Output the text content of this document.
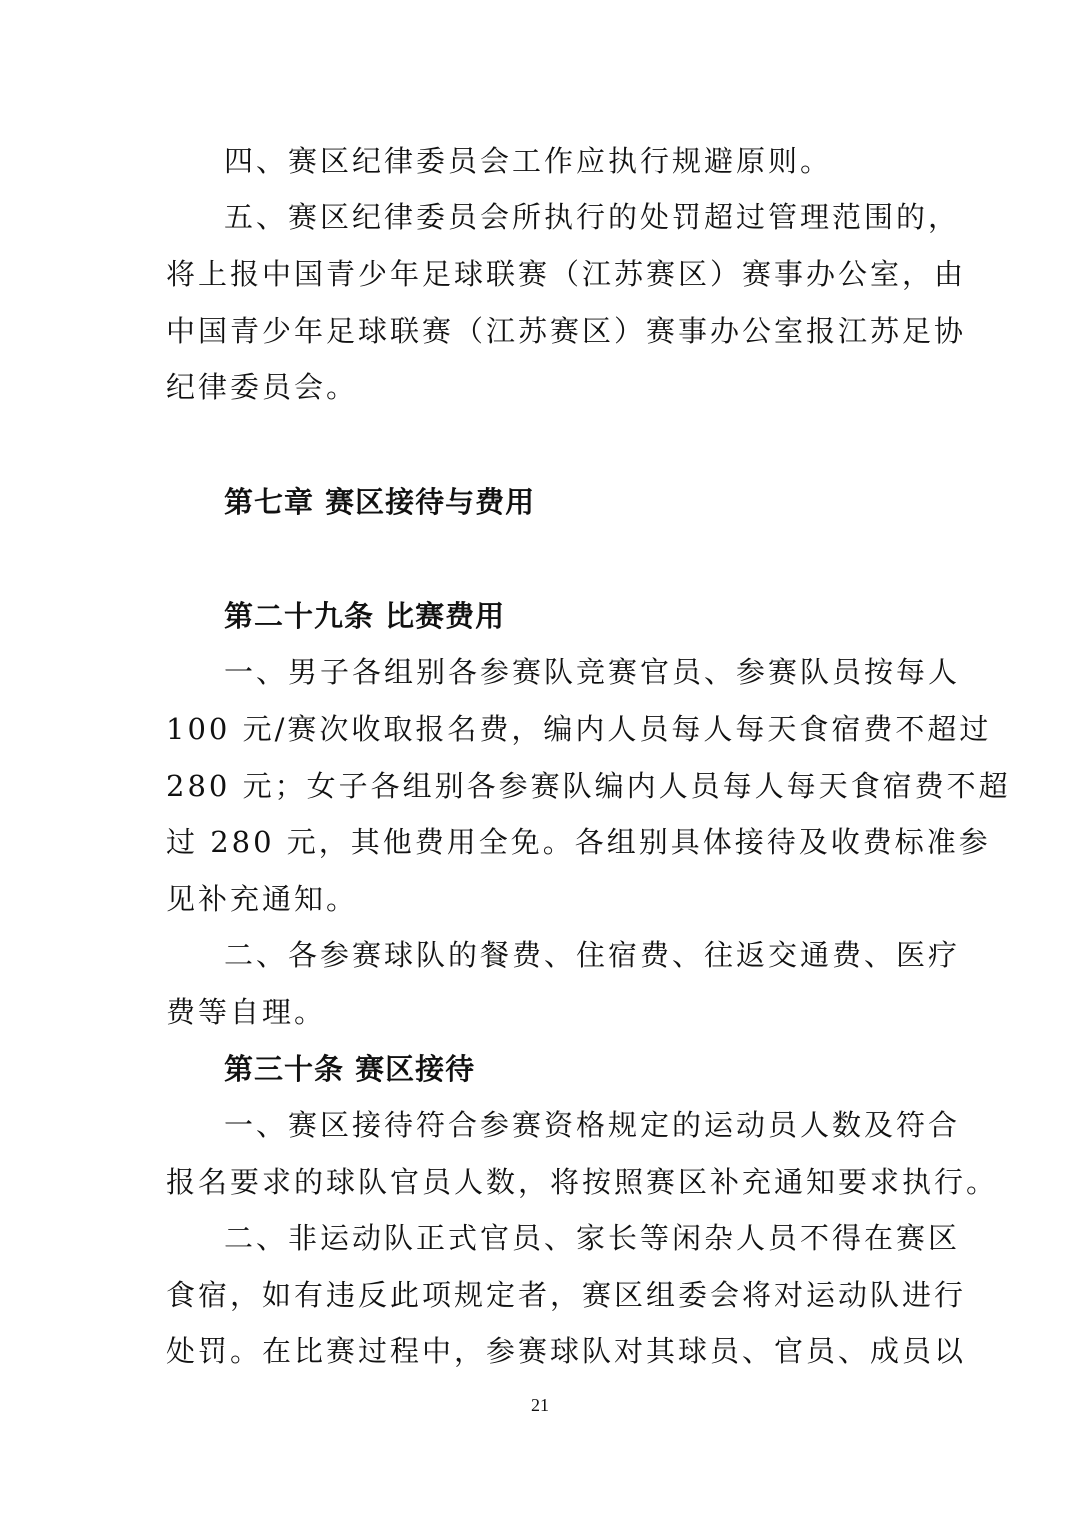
四、赛区纪律委员会工作应执行规避原则。
五、赛区纪律委员会所执行的处罚超过管理范围的，
将上报中国青少年足球联赛（江苏赛区）赛事办公室，由
中国青少年足球联赛（江苏赛区）赛事办公室报江苏足协
纪律委员会。
第七章 赛区接待与费用
第二十九条 比赛费用
一、男子各组别各参赛队竞赛官员、参赛队员按每人
100 元/赛次收取报名费，编内人员每人每天食宿费不超过
280 元；女子各组别各参赛队编内人员每人每天食宿费不超
过 280 元，其他费用全免。各组别具体接待及收费标准参
见补充通知。
二、各参赛球队的餐费、住宿费、往返交通费、医疗
费等自理。
第三十条 赛区接待
一、赛区接待符合参赛资格规定的运动员人数及符合
报名要求的球队官员人数，将按照赛区补充通知要求执行。
二、非运动队正式官员、家长等闲杂人员不得在赛区
食宿，如有违反此项规定者，赛区组委会将对运动队进行
处罚。在比赛过程中，参赛球队对其球员、官员、成员以
21
